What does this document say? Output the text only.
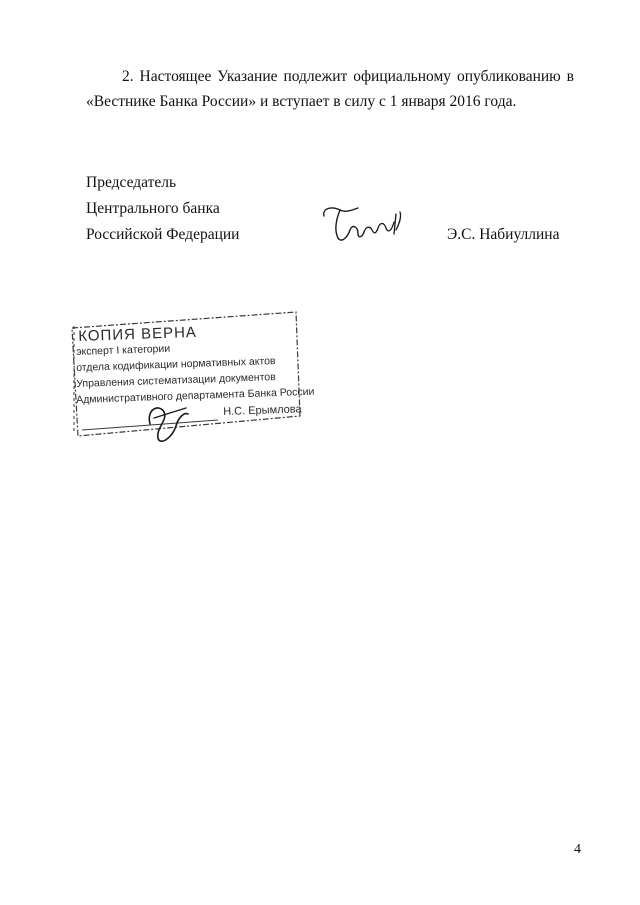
2. Настоящее Указание подлежит официальному опубликованию в
«Вестнике Банка России» и вступает в силу с 1 января 2016 года.
Председатель
Центрального банка
Российской Федерации	Э.С. Набиуллина
КОПИЯ ВЕРНА
эксперт I категории
отдела кодификации нормативных актов
Управления систематизации документов
Административного департамента Банка России
Н.С. Ерымлова
4
